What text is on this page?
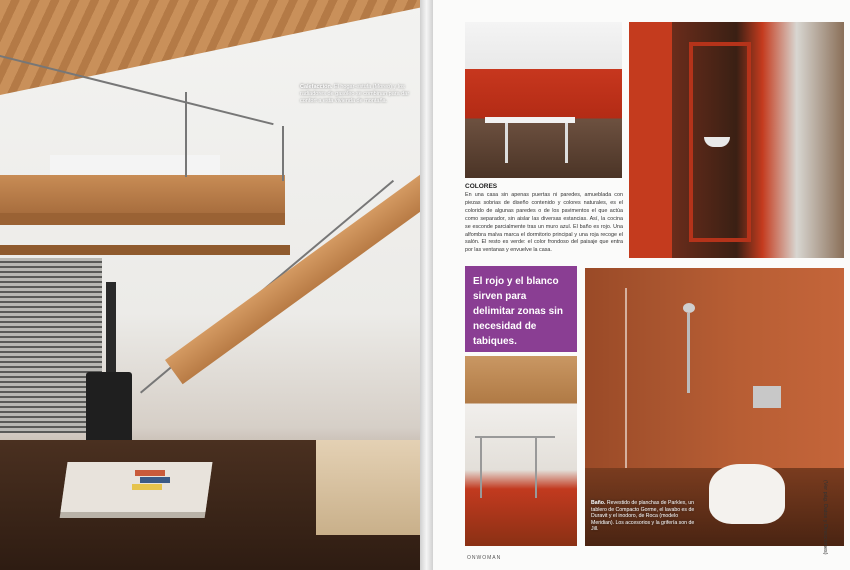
Calefacción. El hogar-estufa (Moreo) y los radiadores de gasóleo se combinan para dar confort a esta vivienda de montaña.
COLORES
En una casa sin apenas puertas ni paredes, amueblada con piezas sobrias de diseño contenido y colores naturales, es el colorido de algunas paredes o de los pavimentos el que actúa como separador, sin aislar las diversas estancias. Así, la cocina se esconde parcialmente tras un muro azul. El baño es rojo. Una alfombra malva marca el dormitorio principal y una roja recoge el salón. El resto es verde: el color frondoso del paisaje que entra por las ventanas y envuelve la casa.
El rojo y el blanco sirven para delimitar zonas sin necesidad de tabiques.
Baño. Revestido de planchas de Parklex, un tablero de Compacto Gorme, el lavabo es de Duravit y el inodoro, de Roca (modelo Meridian). Los accesorios y la grifería son de Jill.
ONWOMAN
(Ver pág. Datos y Direcciones)
